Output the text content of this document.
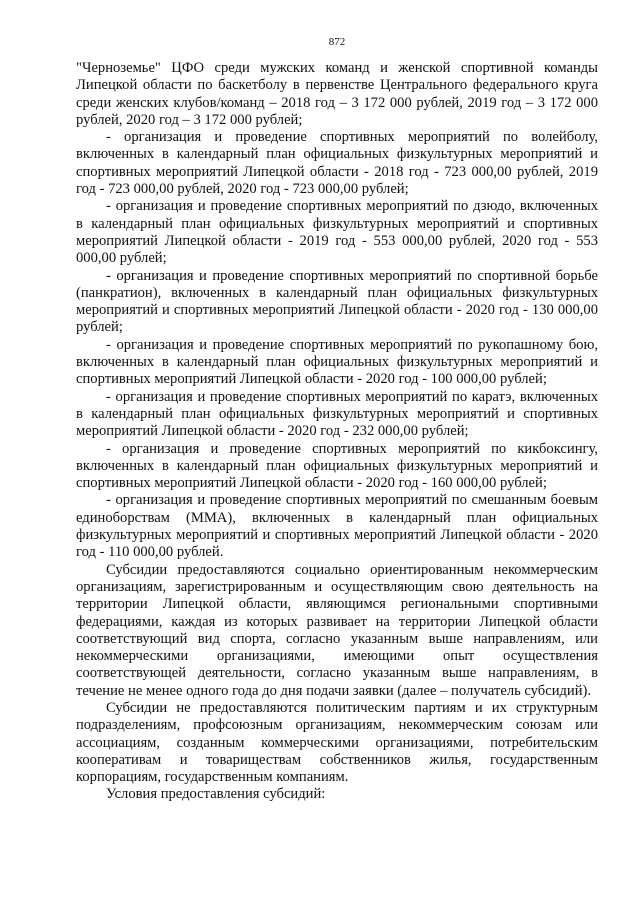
872

"Черноземье" ЦФО среди мужских команд и женской спортивной команды Липецкой области по баскетболу в первенстве Центрального федерального круга среди женских клубов/команд – 2018 год – 3 172 000 рублей, 2019 год – 3 172 000 рублей, 2020 год – 3 172 000 рублей;

- организация и проведение спортивных мероприятий по волейболу, включенных в календарный план официальных физкультурных мероприятий и спортивных мероприятий Липецкой области - 2018 год - 723 000,00 рублей, 2019 год - 723 000,00 рублей, 2020 год - 723 000,00 рублей;

- организация и проведение спортивных мероприятий по дзюдо, включенных в календарный план официальных физкультурных мероприятий и спортивных мероприятий Липецкой области - 2019 год - 553 000,00 рублей, 2020 год - 553 000,00 рублей;

- организация и проведение спортивных мероприятий по спортивной борьбе (панкратион), включенных в календарный план официальных физкультурных мероприятий и спортивных мероприятий Липецкой области - 2020 год - 130 000,00 рублей;

- организация и проведение спортивных мероприятий по рукопашному бою, включенных в календарный план официальных физкультурных мероприятий и спортивных мероприятий Липецкой области - 2020 год - 100 000,00 рублей;

- организация и проведение спортивных мероприятий по каратэ, включенных в календарный план официальных физкультурных мероприятий и спортивных мероприятий Липецкой области - 2020 год - 232 000,00 рублей;

- организация и проведение спортивных мероприятий по кикбоксингу, включенных в календарный план официальных физкультурных мероприятий и спортивных мероприятий Липецкой области - 2020 год - 160 000,00 рублей;

- организация и проведение спортивных мероприятий по смешанным боевым единоборствам (ММА), включенных в календарный план официальных физкультурных мероприятий и спортивных мероприятий Липецкой области - 2020 год - 110 000,00 рублей.

Субсидии предоставляются социально ориентированным некоммерческим организациям, зарегистрированным и осуществляющим свою деятельность на территории Липецкой области, являющимся региональными спортивными федерациями, каждая из которых развивает на территории Липецкой области соответствующий вид спорта, согласно указанным выше направлениям, или некоммерческими организациями, имеющими опыт осуществления соответствующей деятельности, согласно указанным выше направлениям, в течение не менее одного года до дня подачи заявки (далее – получатель субсидий).

Субсидии не предоставляются политическим партиям и их структурным подразделениям, профсоюзным организациям, некоммерческим союзам или ассоциациям, созданным коммерческими организациями, потребительским кооперативам и товариществам собственников жилья, государственным корпорациям, государственным компаниям.

Условия предоставления субсидий:
